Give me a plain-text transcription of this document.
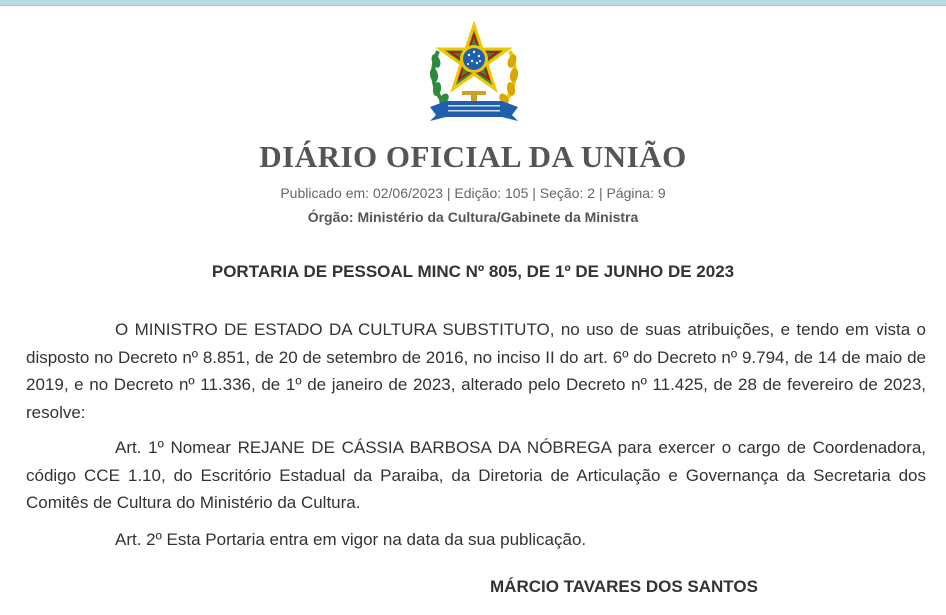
DIÁRIO OFICIAL DA UNIÃO
Publicado em: 02/06/2023 | Edição: 105 | Seção: 2 | Página: 9
Órgão: Ministério da Cultura/Gabinete da Ministra
PORTARIA DE PESSOAL MINC Nº 805, DE 1º DE JUNHO DE 2023
O MINISTRO DE ESTADO DA CULTURA SUBSTITUTO, no uso de suas atribuições, e tendo em vista o disposto no Decreto nº 8.851, de 20 de setembro de 2016, no inciso II do art. 6º do Decreto nº 9.794, de 14 de maio de 2019, e no Decreto nº 11.336, de 1º de janeiro de 2023, alterado pelo Decreto nº 11.425, de 28 de fevereiro de 2023, resolve:
Art. 1º Nomear REJANE DE CÁSSIA BARBOSA DA NÓBREGA para exercer o cargo de Coordenadora, código CCE 1.10, do Escritório Estadual da Paraiba, da Diretoria de Articulação e Governança da Secretaria dos Comitês de Cultura do Ministério da Cultura.
Art. 2º Esta Portaria entra em vigor na data da sua publicação.
MÁRCIO TAVARES DOS SANTOS
